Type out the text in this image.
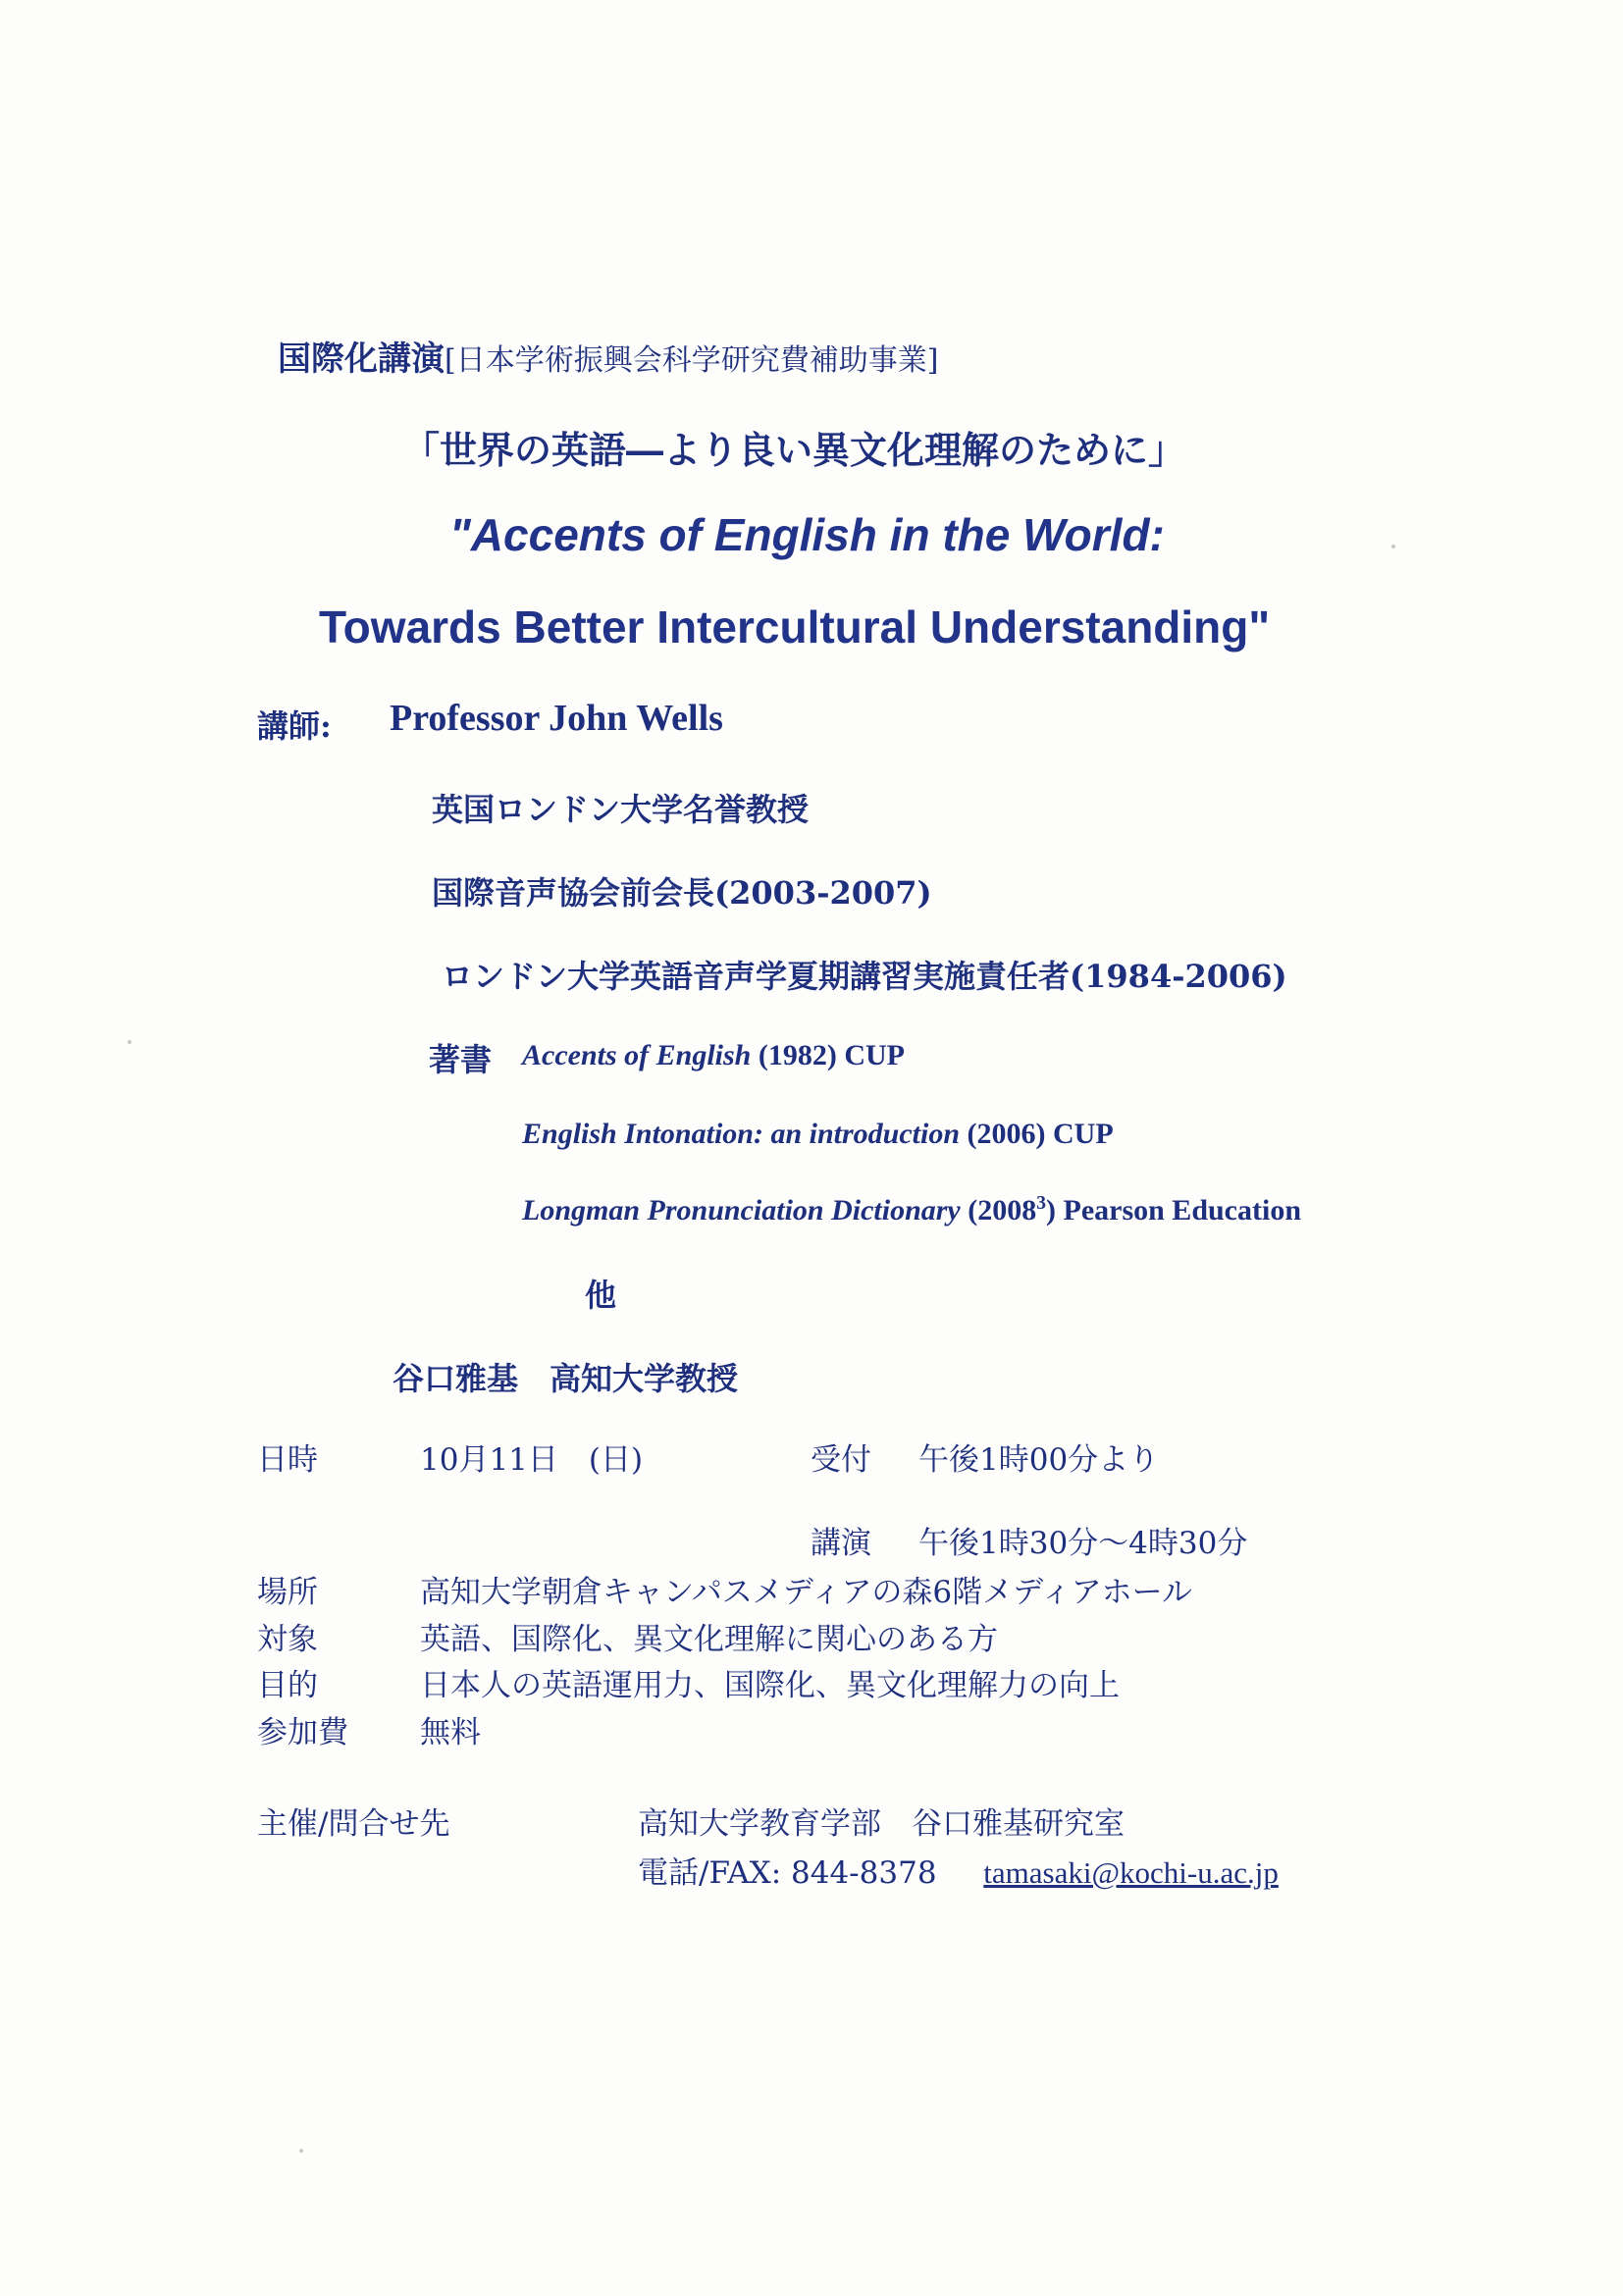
国際化講演[日本学術振興会科学研究費補助事業]
「世界の英語―より良い異文化理解のために」
"Accents of English in the World:
Towards Better Intercultural Understanding"
講師: Professor John Wells
英国ロンドン大学名誉教授
国際音声協会前会長(2003-2007)
ロンドン大学英語音声学夏期講習実施責任者(1984-2006)
著書 Accents of English (1982) CUP
English Intonation: an introduction (2006) CUP
Longman Pronunciation Dictionary (2008$^3$) Pearson Education
他
谷口雅基　高知大学教授
日時	10月11日　(日)	受付 午後1時00分より
講演 午後1時30分～4時30分
場所	高知大学朝倉キャンパスメディアの森6階メディアホール
対象	英語、国際化、異文化理解に関心のある方
目的	日本人の英語運用力、国際化、異文化理解力の向上
参加費 無料
主催/問合せ先	高知大学教育学部　谷口雅基研究室
電話/FAX: 844-8378 tamasaki@kochi-u.ac.jp
